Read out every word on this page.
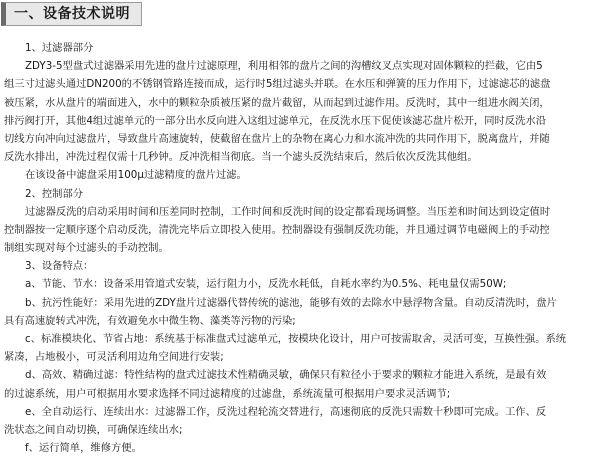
一、设备技术说明
1、过滤器部分
ZDY3-5型盘式过滤器采用先进的盘片过滤原理，利用相邻的盘片之间的沟槽纹叉点实现对固体颗粒的拦截，它由5
组三寸过滤头通过DN200的不锈钢管路连接而成，运行时5组过滤头并联。在水压和弹簧的压力作用下，过滤滤芯的滤盘
被压紧，水从盘片的端面进入，水中的颗粒杂质被压紧的盘片截留，从而起到过滤作用。反洗时，其中一组进水阀关闭，
排污阀打开，其他4组过滤单元的一部分出水反向进入这组过滤单元，在反洗水压下促使该滤芯盘片松开，同时反洗水沿
切线方向冲向过滤盘片，导致盘片高速旋转，使截留在盘片上的杂物在离心力和水流冲洗的共同作用下，脱离盘片，并随
反洗水排出，冲洗过程仅需十几秒钟。反冲洗相当彻底。当一个滤头反洗结束后，然后依次反洗其他组。
在该设备中滤盘采用100μ过滤精度的盘片过滤。
2、控制部分
过滤器反洗的启动采用时间和压差同时控制，工作时间和反洗时间的设定都看现场调整。当压差和时间达到设定值时
控制器按一定顺序逐个启动反洗，清洗完毕后立即投入使用。控制器设有强制反洗功能，并且通过调节电磁阀上的手动控
制组实现对每个过滤头的手动控制。
3、设备特点：
a、节能、节水：设备采用管道式安装，运行阻力小，反洗水耗低，自耗水率约为0.5%、耗电量仅需50W;
b、抗污性能好：采用先进的ZDY盘片过滤器代替传统的滤池，能够有效的去除水中悬浮物含量。自动反清洗时，盘片
具有高速旋转式冲洗，有效避免水中微生物、藻类等污物的污染;
c、标准模块化、节省占地：系统基于标准盘式过滤单元，按模块化设计，用户可按需取舍，灵活可变，互换性强。系统
紧凑，占地极小，可灵活利用边角空间进行安装;
d、高效、精确过滤：特性结构的盘式过滤技术性精确灵敏，确保只有粒径小于要求的颗粒才能进入系统，是最有效
的过滤系统，用户可根据用水要求选择不同过滤精度的过滤盘，系统流量可根据用户要求灵活调节;
e、全自动运行、连续出水：过滤器工作，反洗过程轮流交替进行，高速彻底的反洗只需数十秒即可完成。工作、反
洗状态之间自动切换，可确保连续出水;
f、运行简单，维修方便。
